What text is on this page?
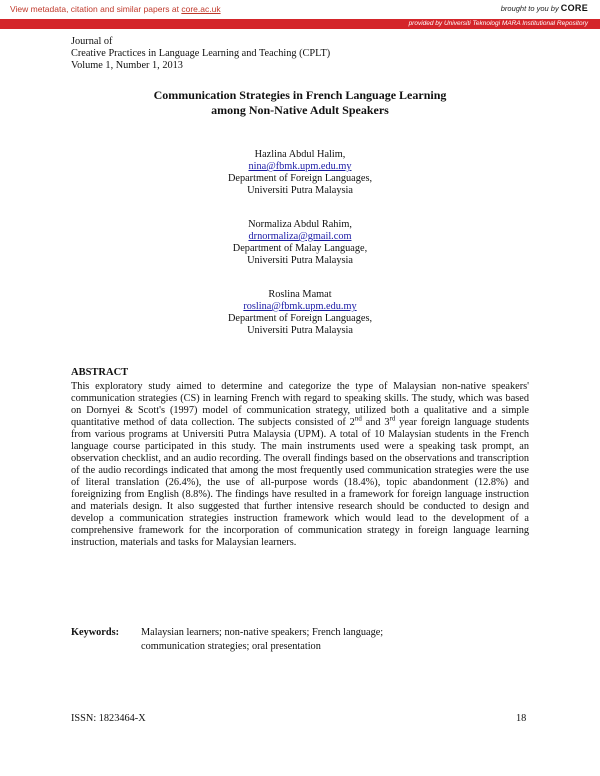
View metadata, citation and similar papers at core.ac.uk	brought to you by CORE
provided by Universiti Teknologi MARA Institutional Repository
Journal of
Creative Practices in Language Learning and Teaching (CPLT)
Volume 1, Number 1, 2013
Communication Strategies in French Language Learning
among Non-Native Adult Speakers
Hazlina Abdul Halim,
nina@fbmk.upm.edu.my
Department of Foreign Languages,
Universiti Putra Malaysia
Normaliza Abdul Rahim,
drnormaliza@gmail.com
Department of Malay Language,
Universiti Putra Malaysia
Roslina Mamat
roslina@fbmk.upm.edu.my
Department of Foreign Languages,
Universiti Putra Malaysia
ABSTRACT
This exploratory study aimed to determine and categorize the type of Malaysian non-native speakers' communication strategies (CS) in learning French with regard to speaking skills. The study, which was based on Dornyei & Scott's (1997) model of communication strategy, utilized both a qualitative and a simple quantitative method of data collection. The subjects consisted of 2nd and 3rd year foreign language students from various programs at Universiti Putra Malaysia (UPM). A total of 10 Malaysian students in the French language course participated in this study. The main instruments used were a speaking task prompt, an observation checklist, and an audio recording. The overall findings based on the observations and transcription of the audio recordings indicated that among the most frequently used communication strategies were the use of literal translation (26.4%), the use of all-purpose words (18.4%), topic abandonment (12.8%) and foreignizing from English (8.8%). The findings have resulted in a framework for foreign language instruction and materials design. It also suggested that further intensive research should be conducted to design and develop a communication strategies instruction framework which would lead to the development of a comprehensive framework for the incorporation of communication strategy in foreign language learning instruction, materials and tasks for Malaysian learners.
Keywords: Malaysian learners; non-native speakers; French language;
communication strategies; oral presentation
ISSN: 1823464-X	18
